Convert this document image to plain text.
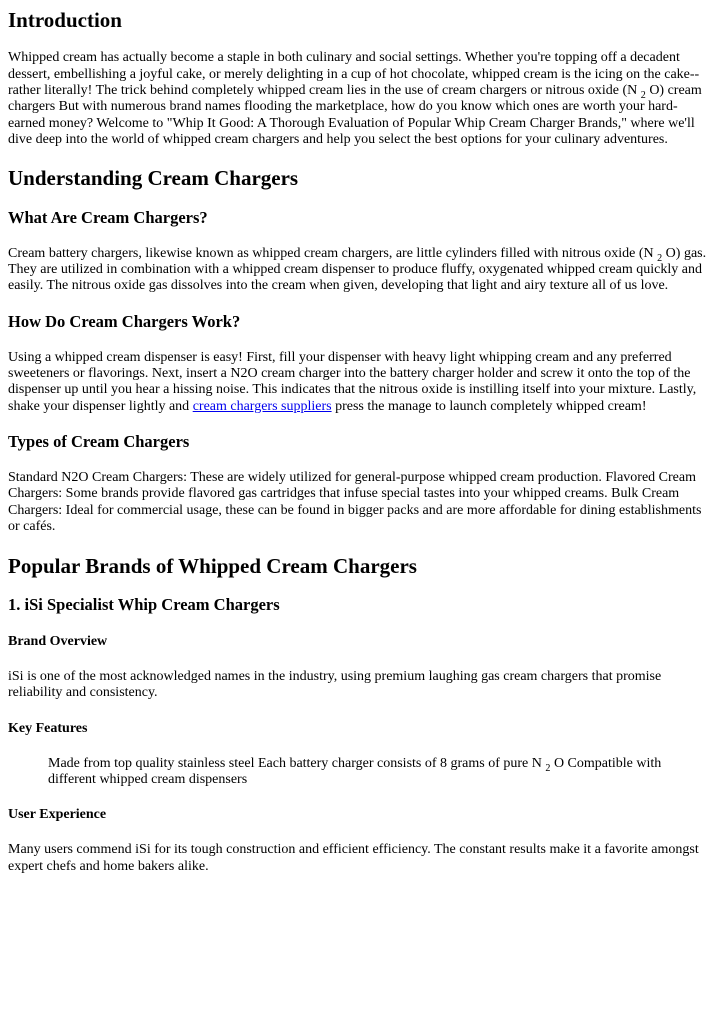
Introduction

Whipped cream has actually become a staple in both culinary and social settings. Whether you're topping off a decadent dessert, embellishing a joyful cake, or merely delighting in a cup of hot chocolate, whipped cream is the icing on the cake-- rather literally! The trick behind completely whipped cream lies in the use of cream chargers or nitrous oxide (N $_2$ O) cream chargers But with numerous brand names flooding the marketplace, how do you know which ones are worth your hard-earned money? Welcome to "Whip It Good: A Thorough Evaluation of Popular Whip Cream Charger Brands," where we'll dive deep into the world of whipped cream chargers and help you select the best options for your culinary adventures.

Understanding Cream Chargers
What Are Cream Chargers?

Cream battery chargers, likewise known as whipped cream chargers, are little cylinders filled with nitrous oxide (N $_2$ O) gas. They are utilized in combination with a whipped cream dispenser to produce fluffy, oxygenated whipped cream quickly and easily. The nitrous oxide gas dissolves into the cream when given, developing that light and airy texture all of us love.

How Do Cream Chargers Work?

Using a whipped cream dispenser is easy! First, fill your dispenser with heavy light whipping cream and any preferred sweeteners or flavorings. Next, insert a N2O cream charger into the battery charger holder and screw it onto the top of the dispenser up until you hear a hissing noise. This indicates that the nitrous oxide is instilling itself into your mixture. Lastly, shake your dispenser lightly and cream chargers suppliers press the manage to launch completely whipped cream!

Types of Cream Chargers

Standard N2O Cream Chargers: These are widely utilized for general-purpose whipped cream production. Flavored Cream Chargers: Some brands provide flavored gas cartridges that infuse special tastes into your whipped creams. Bulk Cream Chargers: Ideal for commercial usage, these can be found in bigger packs and are more affordable for dining establishments or cafés.

Popular Brands of Whipped Cream Chargers
1. iSi Specialist Whip Cream Chargers
Brand Overview

iSi is one of the most acknowledged names in the industry, using premium laughing gas cream chargers that promise reliability and consistency.

Key Features
Made from top quality stainless steel Each battery charger consists of 8 grams of pure N $_2$ O Compatible with different whipped cream dispensers
User Experience

Many users commend iSi for its tough construction and efficient efficiency. The constant results make it a favorite amongst expert chefs and home bakers alike.
